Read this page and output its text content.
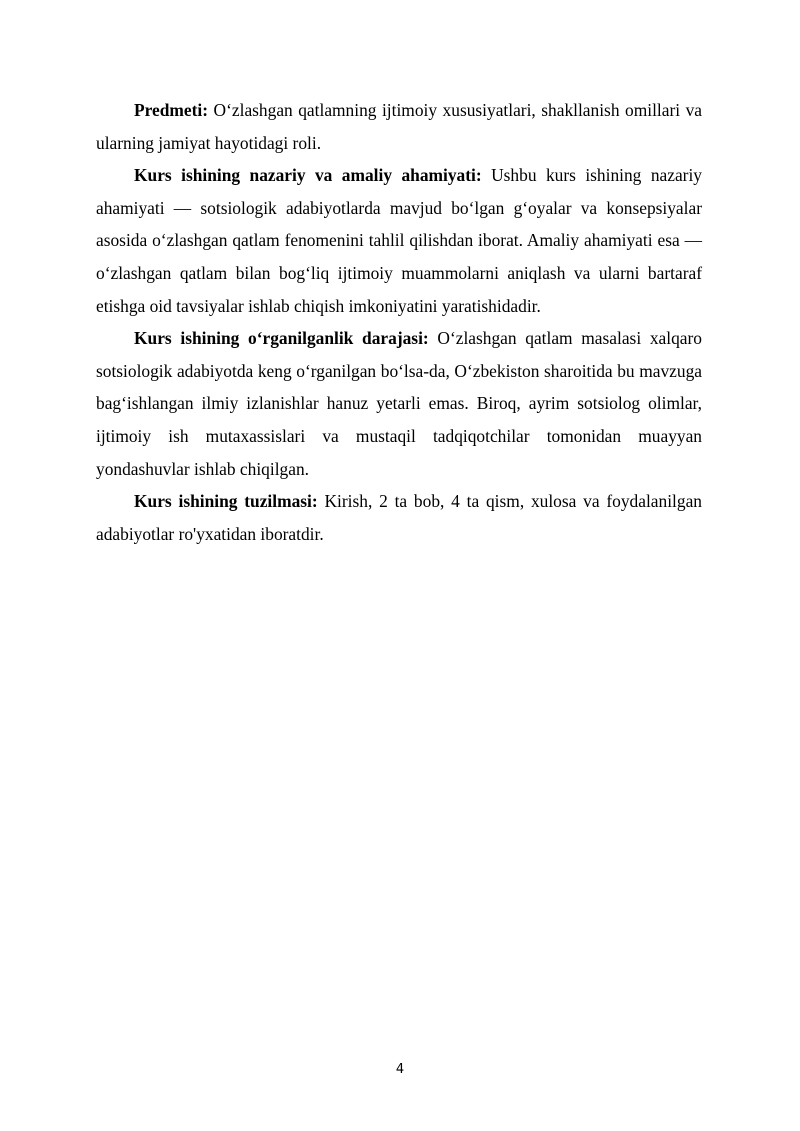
Predmeti: O‘zlashgan qatlamning ijtimoiy xususiyatlari, shakllanish omillari va ularning jamiyat hayotidagi roli.

Kurs ishining nazariy va amaliy ahamiyati: Ushbu kurs ishining nazariy ahamiyati — sotsiologik adabiyotlarda mavjud bo‘lgan g‘oyalar va konsepsiyalar asosida o‘zlashgan qatlam fenomenini tahlil qilishdan iborat. Amaliy ahamiyati esa — o‘zlashgan qatlam bilan bog‘liq ijtimoiy muammolarni aniqlash va ularni bartaraf etishga oid tavsiyalar ishlab chiqish imkoniyatini yaratishidadir.

Kurs ishining o‘rganilganlik darajasi: O‘zlashgan qatlam masalasi xalqaro sotsiologik adabiyotda keng o‘rganilgan bo‘lsa-da, O‘zbekiston sharoitida bu mavzuga bag‘ishlangan ilmiy izlanishlar hanuz yetarli emas. Biroq, ayrim sotsiolog olimlar, ijtimoiy ish mutaxassislari va mustaqil tadqiqotchilar tomonidan muayyan yondashuvlar ishlab chiqilgan.

Kurs ishining tuzilmasi: Kirish, 2 ta bob, 4 ta qism, xulosa va foydalanilgan adabiyotlar ro'yxatidan iboratdir.

4
